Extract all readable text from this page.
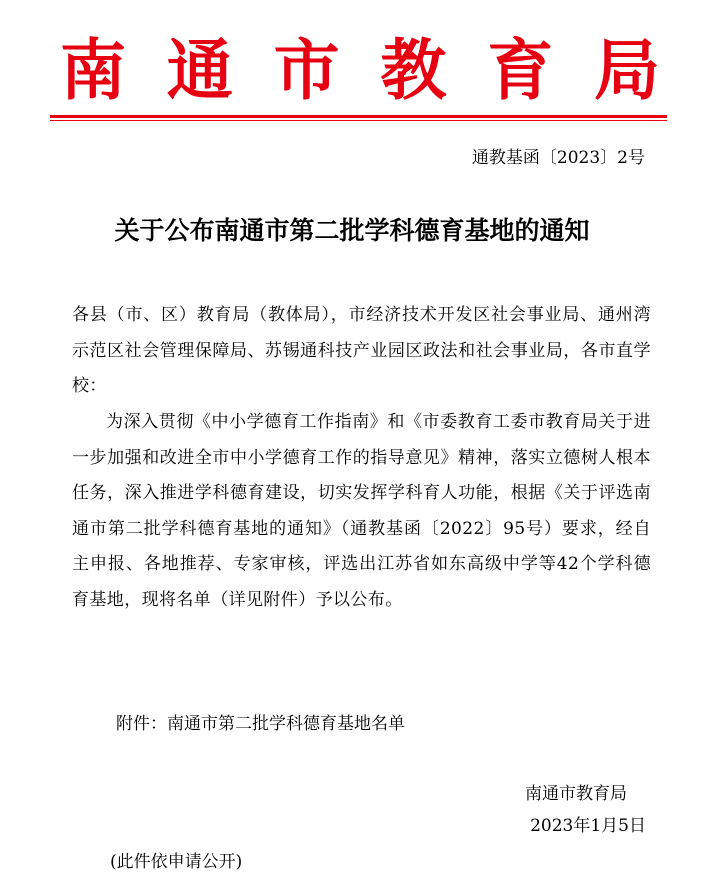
南 通 市 教 育 局
通教基函〔2023〕2号
关于公布南通市第二批学科德育基地的通知
各县（市、区）教育局（教体局），市经济技术开发区社会事业局、通州湾示范区社会管理保障局、苏锡通科技产业园区政法和社会事业局，各市直学校：
为深入贯彻《中小学德育工作指南》和《市委教育工委市教育局关于进一步加强和改进全市中小学德育工作的指导意见》精神，落实立德树人根本任务，深入推进学科德育建设，切实发挥学科育人功能，根据《关于评选南通市第二批学科德育基地的通知》（通教基函〔2022〕95号）要求，经自主申报、各地推荐、专家审核，评选出江苏省如东高级中学等42个学科德育基地，现将名单（详见附件）予以公布。
附件：南通市第二批学科德育基地名单
南通市教育局
2023年1月5日
(此件依申请公开)
